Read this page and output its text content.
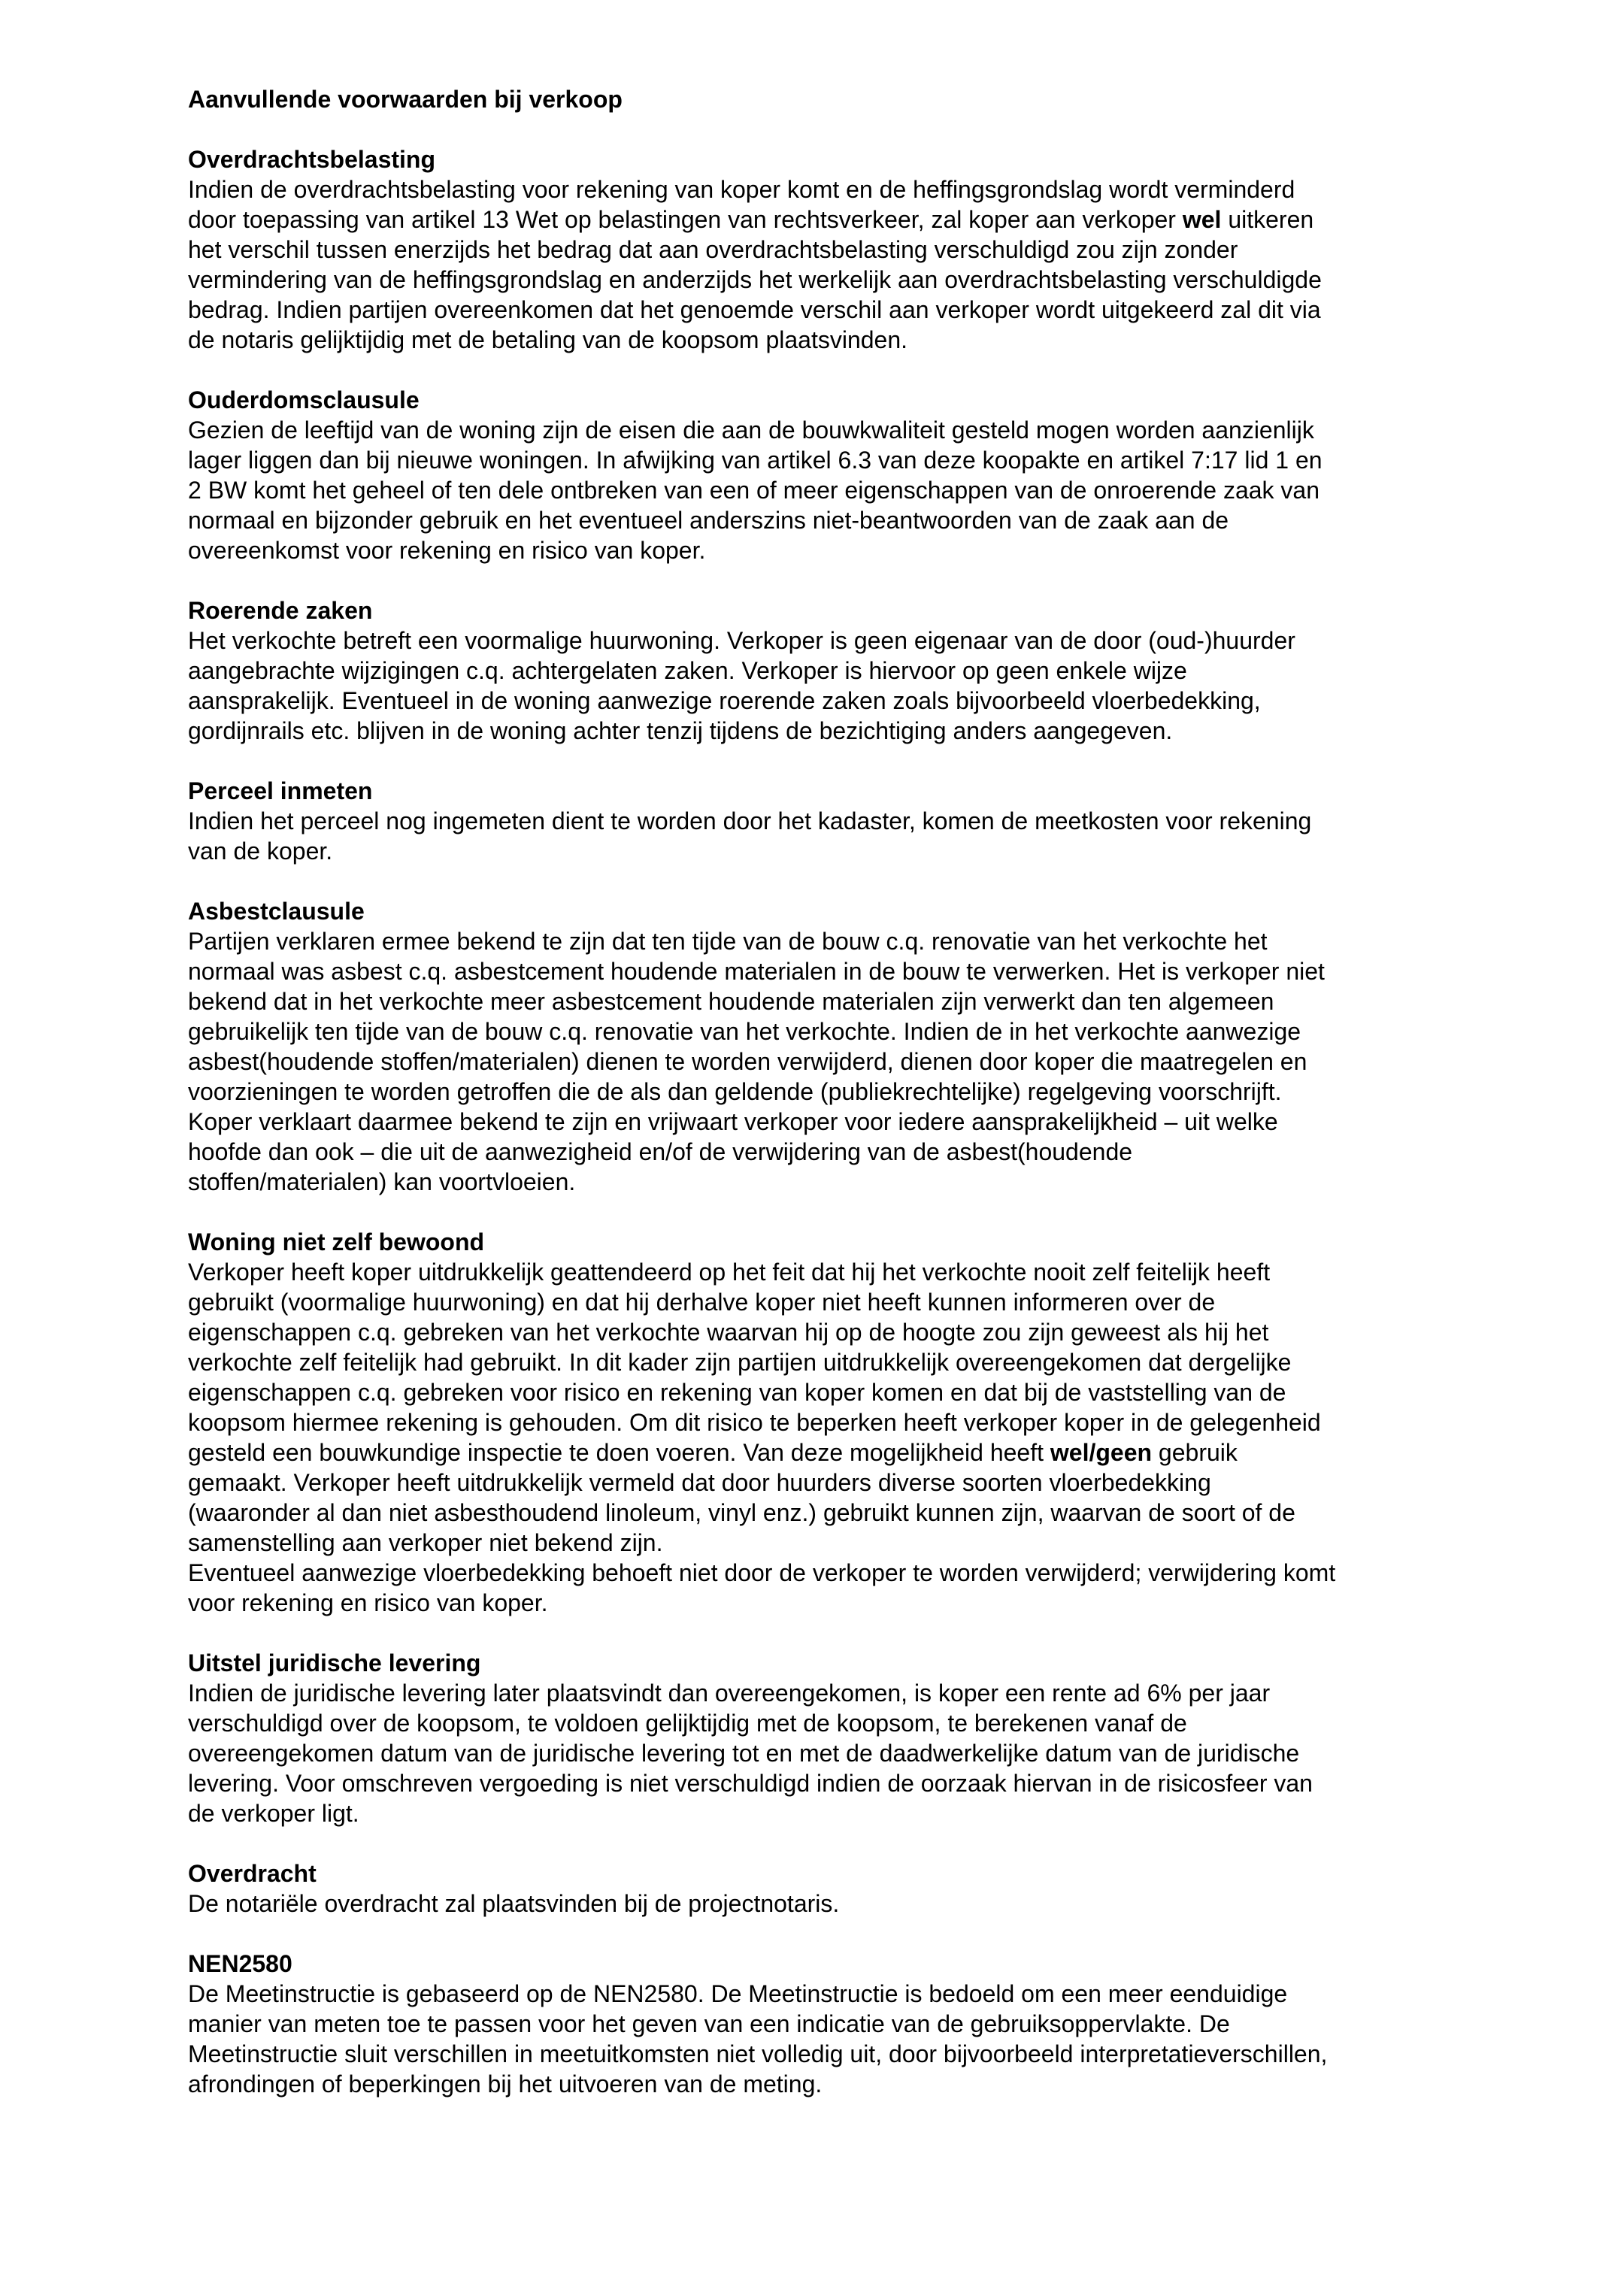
Aanvullende voorwaarden bij verkoop
Overdrachtsbelasting

Indien de overdrachtsbelasting voor rekening van koper komt en de heffingsgrondslag wordt verminderd
door toepassing van artikel 13 Wet op belastingen van rechtsverkeer, zal koper aan verkoper wel uitkeren
het verschil tussen enerzijds het bedrag dat aan overdrachtsbelasting verschuldigd zou zijn zonder
vermindering van de heffingsgrondslag en anderzijds het werkelijk aan overdrachtsbelasting verschuldigde
bedrag. Indien partijen overeenkomen dat het genoemde verschil aan verkoper wordt uitgekeerd zal dit via
de notaris gelijktijdig met de betaling van de koopsom plaatsvinden.

Ouderdomsclausule

Gezien de leeftijd van de woning zijn de eisen die aan de bouwkwaliteit gesteld mogen worden aanzienlijk
lager liggen dan bij nieuwe woningen. In afwijking van artikel 6.3 van deze koopakte en artikel 7:17 lid 1 en
2 BW komt het geheel of ten dele ontbreken van een of meer eigenschappen van de onroerende zaak van
normaal en bijzonder gebruik en het eventueel anderszins niet-beantwoorden van de zaak aan de
overeenkomst voor rekening en risico van koper.

Roerende zaken

Het verkochte betreft een voormalige huurwoning. Verkoper is geen eigenaar van de door (oud-)huurder
aangebrachte wijzigingen c.q. achtergelaten zaken. Verkoper is hiervoor op geen enkele wijze
aansprakelijk. Eventueel in de woning aanwezige roerende zaken zoals bijvoorbeeld vloerbedekking,
gordijnrails etc. blijven in de woning achter tenzij tijdens de bezichtiging anders aangegeven.

Perceel inmeten

Indien het perceel nog ingemeten dient te worden door het kadaster, komen de meetkosten voor rekening
van de koper.

Asbestclausule

Partijen verklaren ermee bekend te zijn dat ten tijde van de bouw c.q. renovatie van het verkochte het
normaal was asbest c.q. asbestcement houdende materialen in de bouw te verwerken. Het is verkoper niet
bekend dat in het verkochte meer asbestcement houdende materialen zijn verwerkt dan ten algemeen
gebruikelijk ten tijde van de bouw c.q. renovatie van het verkochte. Indien de in het verkochte aanwezige
asbest(houdende stoffen/materialen) dienen te worden verwijderd, dienen door koper die maatregelen en
voorzieningen te worden getroffen die de als dan geldende (publiekrechtelijke) regelgeving voorschrijft.
Koper verklaart daarmee bekend te zijn en vrijwaart verkoper voor iedere aansprakelijkheid – uit welke
hoofde dan ook – die uit de aanwezigheid en/of de verwijdering van de asbest(houdende
stoffen/materialen) kan voortvloeien.

Woning niet zelf bewoond

Verkoper heeft koper uitdrukkelijk geattendeerd op het feit dat hij het verkochte nooit zelf feitelijk heeft
gebruikt (voormalige huurwoning) en dat hij derhalve koper niet heeft kunnen informeren over de
eigenschappen c.q. gebreken van het verkochte waarvan hij op de hoogte zou zijn geweest als hij het
verkochte zelf feitelijk had gebruikt. In dit kader zijn partijen uitdrukkelijk overeengekomen dat dergelijke
eigenschappen c.q. gebreken voor risico en rekening van koper komen en dat bij de vaststelling van de
koopsom hiermee rekening is gehouden. Om dit risico te beperken heeft verkoper koper in de gelegenheid
gesteld een bouwkundige inspectie te doen voeren. Van deze mogelijkheid heeft wel/geen gebruik
gemaakt. Verkoper heeft uitdrukkelijk vermeld dat door huurders diverse soorten vloerbedekking
(waaronder al dan niet asbesthoudend linoleum, vinyl enz.) gebruikt kunnen zijn, waarvan de soort of de
samenstelling aan verkoper niet bekend zijn.
Eventueel aanwezige vloerbedekking behoeft niet door de verkoper te worden verwijderd; verwijdering komt
voor rekening en risico van koper.

Uitstel juridische levering

Indien de juridische levering later plaatsvindt dan overeengekomen, is koper een rente ad 6% per jaar
verschuldigd over de koopsom, te voldoen gelijktijdig met de koopsom, te berekenen vanaf de
overeengekomen datum van de juridische levering tot en met de daadwerkelijke datum van de juridische
levering. Voor omschreven vergoeding is niet verschuldigd indien de oorzaak hiervan in de risicosfeer van
de verkoper ligt.

Overdracht

De notariële overdracht zal plaatsvinden bij de projectnotaris.

NEN2580

De Meetinstructie is gebaseerd op de NEN2580. De Meetinstructie is bedoeld om een meer eenduidige
manier van meten toe te passen voor het geven van een indicatie van de gebruiksoppervlakte. De
Meetinstructie sluit verschillen in meetuitkomsten niet volledig uit, door bijvoorbeeld interpretatieverschillen,
afrondingen of beperkingen bij het uitvoeren van de meting.
